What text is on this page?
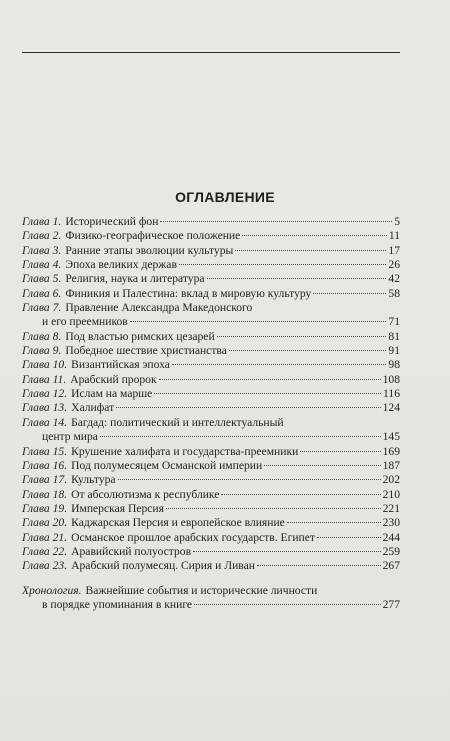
ОГЛАВЛЕНИЕ
Глава 1. Исторический фон	5
Глава 2. Физико-географическое положение	11
Глава 3. Ранние этапы эволюции культуры	17
Глава 4. Эпоха великих держав	26
Глава 5. Религия, наука и литература	42
Глава 6. Финикия и Палестина: вклад в мировую культуру	58
Глава 7. Правление Александра Македонского
и его преемников	71
Глава 8. Под властью римских цезарей	81
Глава 9. Победное шествие христианства	91
Глава 10. Византийская эпоха	98
Глава 11. Арабский пророк	108
Глава 12. Ислам на марше	116
Глава 13. Халифат	124
Глава 14. Багдад: политический и интеллектуальный
центр мира	145
Глава 15. Крушение халифата и государства-преемники	169
Глава 16. Под полумесяцем Османской империи	187
Глава 17. Культура	202
Глава 18. От абсолютизма к республике	210
Глава 19. Имперская Персия	221
Глава 20. Каджарская Персия и европейское влияние	230
Глава 21. Османское прошлое арабских государств. Египет	244
Глава 22. Аравийский полуостров	259
Глава 23. Арабский полумесяц. Сирия и Ливан	267
Хронология. Важнейшие события и исторические личности
в порядке упоминания в книге	277
